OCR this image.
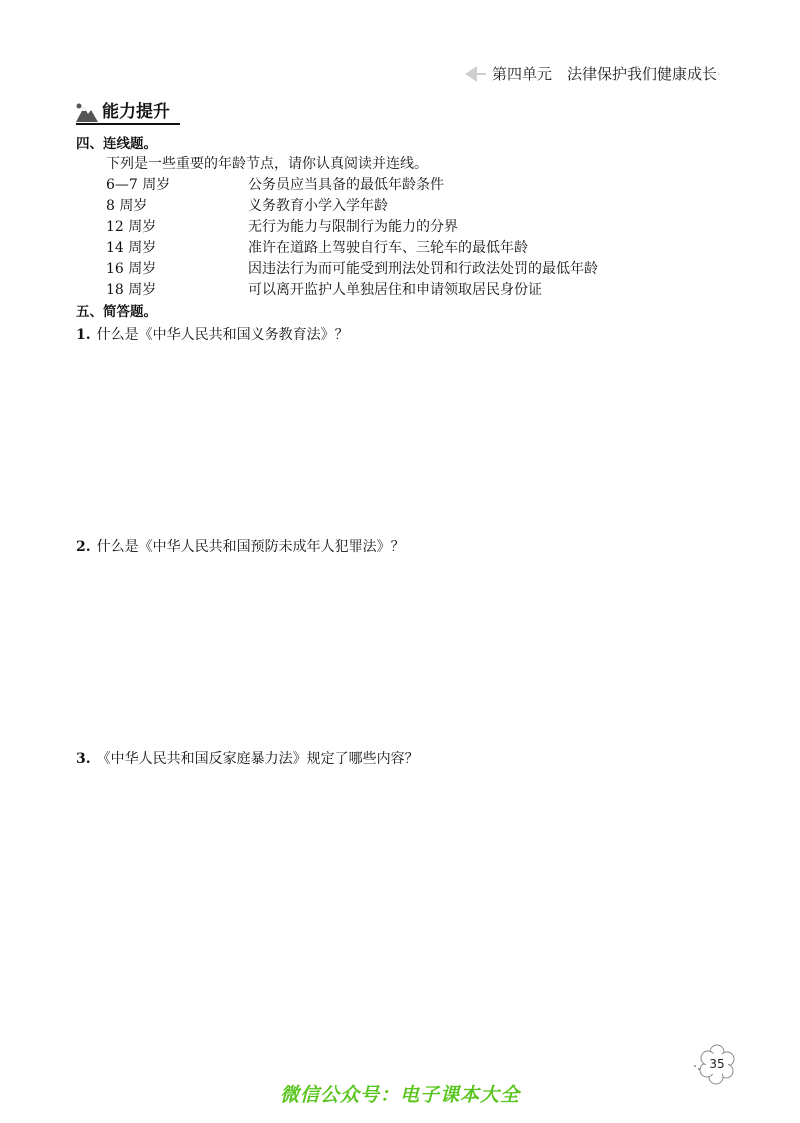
第四单元　法律保护我们健康成长
能力提升
四、连线题。
下列是一些重要的年龄节点，请你认真阅读并连线。
6—7 周岁	公务员应当具备的最低年龄条件
8 周岁	义务教育小学入学年龄
12 周岁	无行为能力与限制行为能力的分界
14 周岁	准许在道路上驾驶自行车、三轮车的最低年龄
16 周岁	因违法行为而可能受到刑法处罚和行政法处罚的最低年龄
18 周岁	可以离开监护人单独居住和申请领取居民身份证
五、简答题。
1. 什么是《中华人民共和国义务教育法》？
2. 什么是《中华人民共和国预防未成年人犯罪法》？
3. 《中华人民共和国反家庭暴力法》规定了哪些内容？
35
微信公众号：电子课本大全
